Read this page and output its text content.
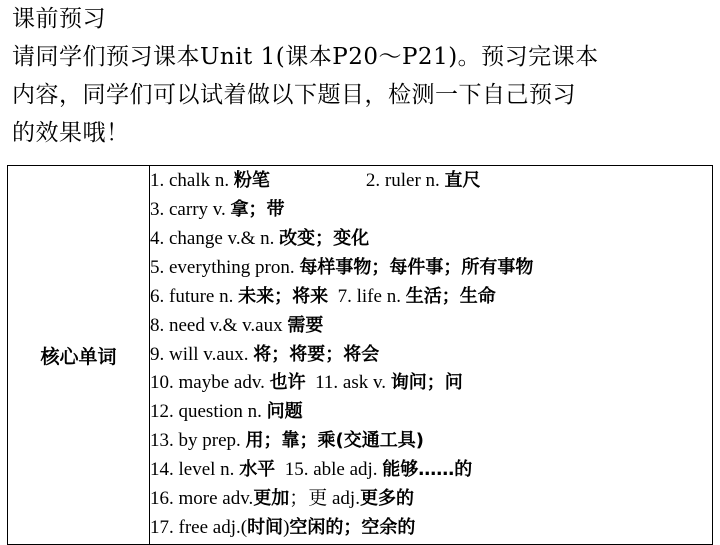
课前预习
请同学们预习课本Unit 1(课本P20～P21)。预习完课本
内容，同学们可以试着做以下题目，检测一下自己预习
的效果哦！
核心单词	
1. chalk n. 粉笔	2. ruler n. 直尺
3. carry v. 拿；带
4. change v.& n. 改变；变化
5. everything pron. 每样事物；每件事；所有事物
6. future n. 未来；将来 7. life n. 生活；生命
8. need v.& v.aux 需要
9. will v.aux. 将；将要；将会
10. maybe adv. 也许 11. ask v. 询问；问
12. question n. 问题
13. by prep. 用；靠；乘(交通工具)
14. level n. 水平 15. able adj. 能够……的
16. more adv.更加；更 adj.更多的
17. free adj.(时间)空闲的；空余的
